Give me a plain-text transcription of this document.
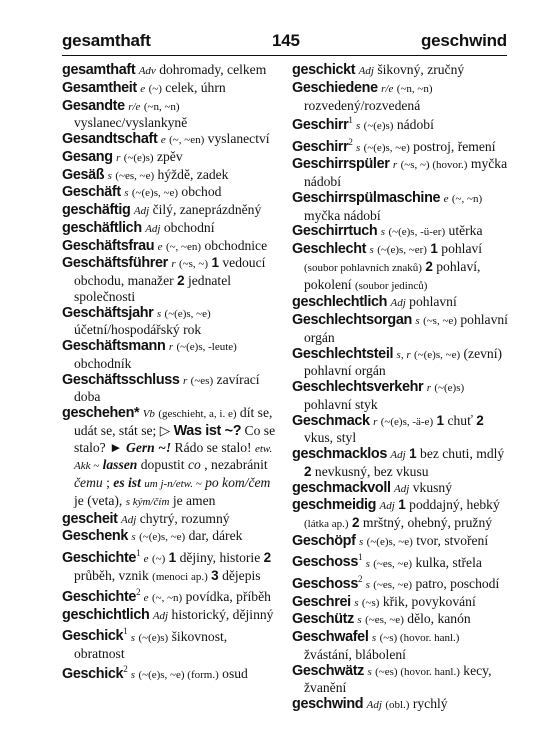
gesamthaft	145	geschwind
gesamthaft Adv dohromady, celkem
Gesamtheit e (~) celek, úhrn
Gesandte r/e (~n, ~n) vyslanec/vyslankyně
Gesandtschaft e (~, ~en) vyslanectví
Gesang r (~(e)s) zpěv
Gesäß s (~es, ~e) hýždě, zadek
Geschäft s (~(e)s, ~e) obchod
geschäftig Adj čilý, zaneprázdněný
geschäftlich Adj obchodní
Geschäftsfrau e (~, ~en) obchodnice
Geschäftsführer r (~s, ~) 1 vedoucí obchodu, manažer 2 jednatel společnosti
Geschäftsjahr s (~(e)s, ~e) účetní/hospodářský rok
Geschäftsmann r (~(e)s, -leute) obchodník
Geschäftsschluss r (~es) zavírací doba
geschehen* Vb (geschieht, a, i. e) dít se, udát se, stát se; ▷ Was ist ~? Co se stalo? ► Gern ~! Rádo se stalo! etw. Akk ~ lassen dopustit co , nezabránit čemu ; es ist um j-n/etw. ~ po kom/čem je (veta), s kým/čím je amen
gescheit Adj chytrý, rozumný
Geschenk s (~(e)s, ~e) dar, dárek
Geschichte$^1$ e (~) 1 dějiny, historie 2 průběh, vznik (menoci ap.) 3 dějepis
Geschichte$^2$ e (~, ~n) povídka, příběh
geschichtlich Adj historický, dějinný
Geschick$^1$ s (~(e)s) šikovnost, obratnost
Geschick$^2$ s (~(e)s, ~e) (form.) osud
geschickt Adj šikovný, zručný
Geschiedene r/e (~n, ~n) rozvedený/rozvedená
Geschirr$^1$ s (~(e)s) nádobí
Geschirr$^2$ s (~(e)s, ~e) postroj, řemení
Geschirrspüler r (~s, ~) (hovor.) myčka nádobí
Geschirrspülmaschine e (~, ~n) myčka nádobí
Geschirrtuch s (~(e)s, -ü-er) utěrka
Geschlecht s (~(e)s, ~er) 1 pohlaví (soubor pohlavních znaků) 2 pohlaví, pokolení (soubor jedinců)
geschlechtlich Adj pohlavní
Geschlechtsorgan s (~s, ~e) pohlavní orgán
Geschlechtsteil s, r (~(e)s, ~e) (zevní) pohlavní orgán
Geschlechtsverkehr r (~(e)s) pohlavní styk
Geschmack r (~(e)s, -ä-e) 1 chuť 2 vkus, styl
geschmacklos Adj 1 bez chuti, mdlý 2 nevkusný, bez vkusu
geschmackvoll Adj vkusný
geschmeidig Adj 1 poddajný, hebký (látka ap.) 2 mrštný, ohebný, pružný
Geschöpf s (~(e)s, ~e) tvor, stvoření
Geschoss$^1$ s (~es, ~e) kulka, střela
Geschoss$^2$ s (~es, ~e) patro, poschodí
Geschrei s (~s) křik, povykování
Geschütz s (~es, ~e) dělo, kanón
Geschwafel s (~s) (hovor. hanl.) žvástání, blábolení
Geschwätz s (~es) (hovor. hanl.) kecy, žvanění
geschwind Adj (obl.) rychlý
